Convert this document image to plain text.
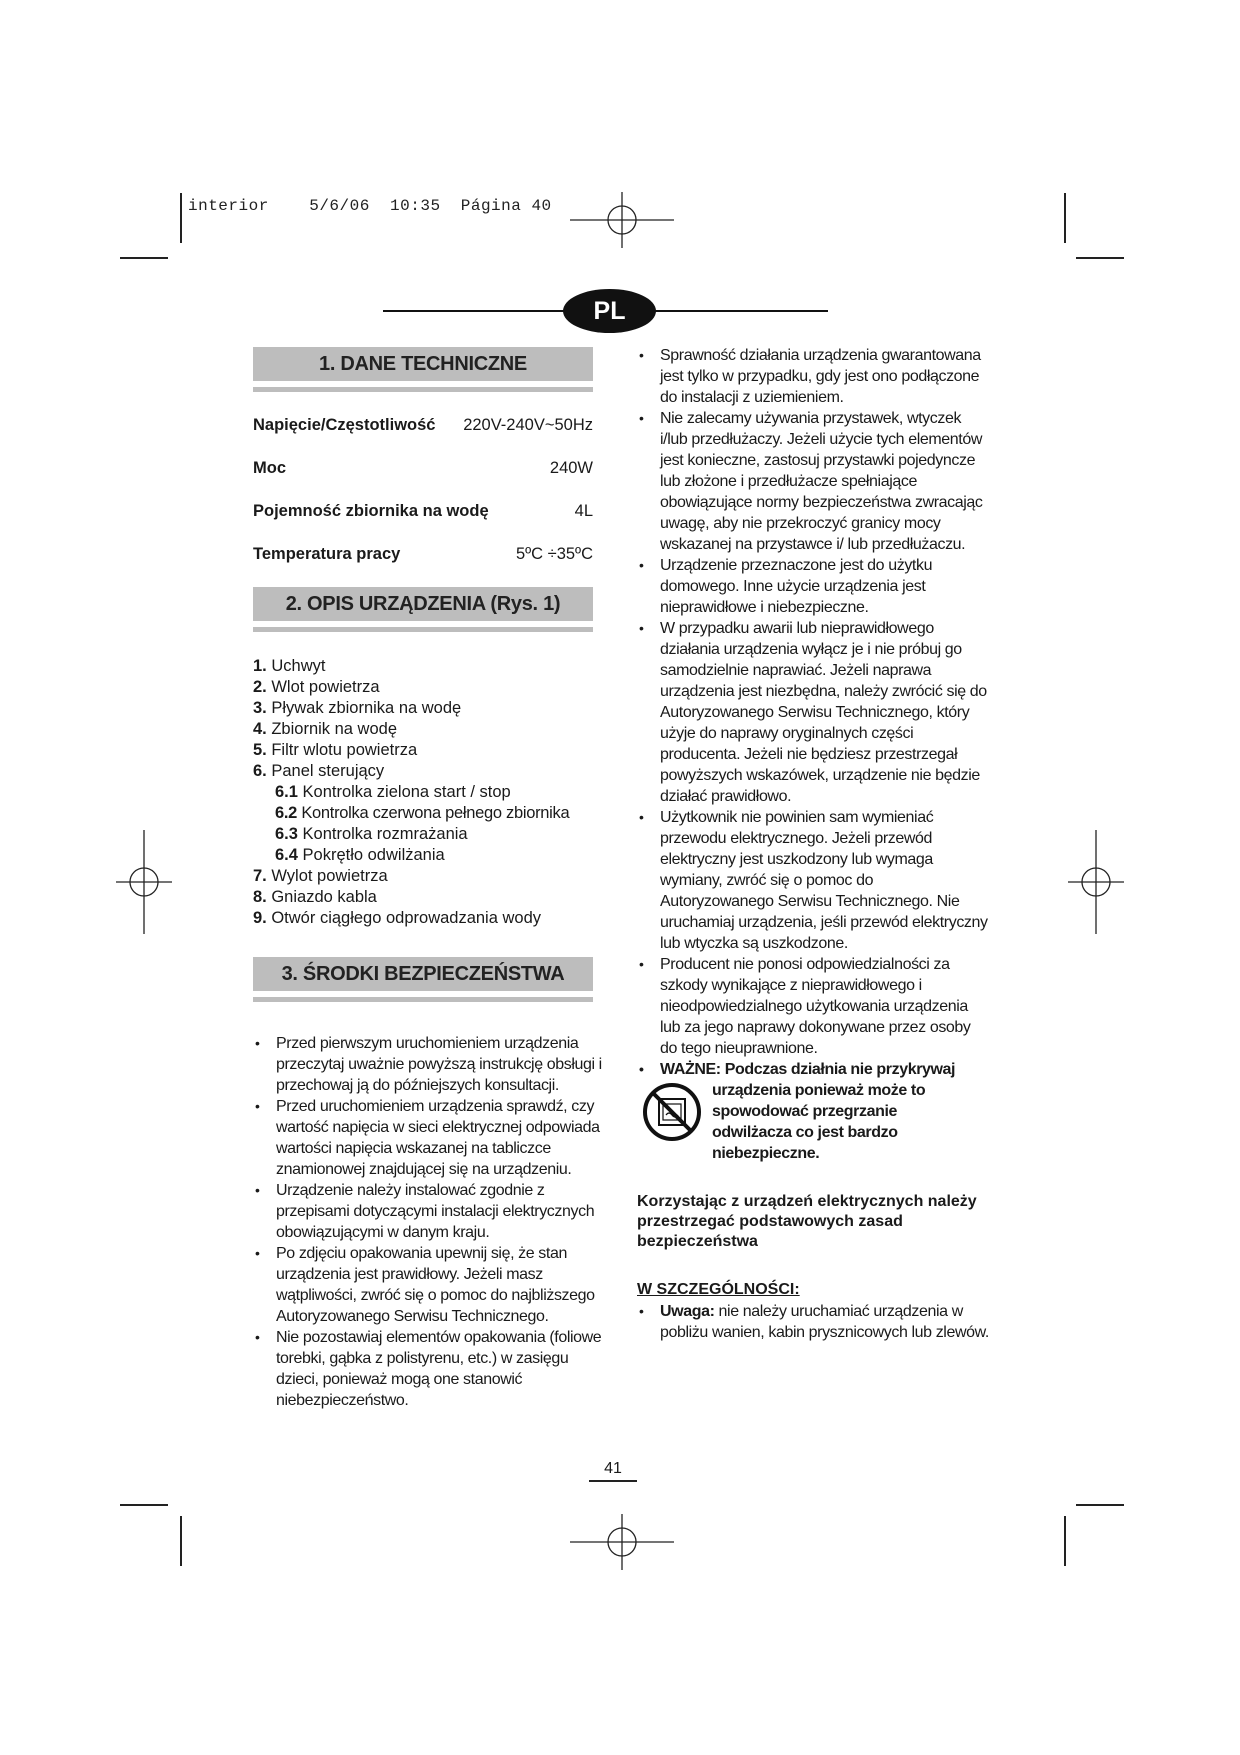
interior    5/6/06  10:35  Página 40
PL
1. DANE TECHNICZNE
Napięcie/Częstotliwość 220V-240V~50Hz
Moc	240W
Pojemność zbiornika na wodę	4L
Temperatura pracy	5ºC ÷35ºC
2. OPIS URZĄDZENIA (Rys. 1)
1. Uchwyt
2. Wlot powietrza
3. Pływak zbiornika na wodę
4. Zbiornik na wodę
5. Filtr wlotu powietrza
6. Panel sterujący
6.1 Kontrolka zielona start / stop
6.2 Kontrolka czerwona pełnego zbiornika
6.3 Kontrolka rozmrażania
6.4 Pokrętło odwilżania
7. Wylot powietrza
8. Gniazdo kabla
9. Otwór ciągłego odprowadzania wody
3. ŚRODKI BEZPIECZEŃSTWA
• Przed pierwszym uruchomieniem urządzenia przeczytaj uważnie powyższą instrukcję obsługi i przechowaj ją do późniejszych konsultacji.
• Przed uruchomieniem urządzenia sprawdź, czy wartość napięcia w sieci elektrycznej odpowiada wartości napięcia wskazanej na tabliczce znamionowej znajdującej się na urządzeniu.
• Urządzenie należy instalować zgodnie z przepisami dotyczącymi instalacji elektrycznych obowiązującymi w danym kraju.
• Po zdjęciu opakowania upewnij się, że stan urządzenia jest prawidłowy. Jeżeli masz wątpliwości, zwróć się o pomoc do najbliższego Autoryzowanego Serwisu Technicznego.
• Nie pozostawiaj elementów opakowania (foliowe torebki, gąbka z polistyrenu, etc.) w zasięgu dzieci, ponieważ mogą one stanowić niebezpieczeństwo.
• Sprawność działania urządzenia gwarantowana jest tylko w przypadku, gdy jest ono podłączone do instalacji z uziemieniem.
• Nie zalecamy używania przystawek, wtyczek i/lub przedłużaczy. Jeżeli użycie tych elementów jest konieczne, zastosuj przystawki pojedyncze lub złożone i przedłużacze spełniające obowiązujące normy bezpieczeństwa zwracając uwagę, aby nie przekroczyć granicy mocy wskazanej na przystawce i/ lub przedłużaczu.
• Urządzenie przeznaczone jest do użytku domowego. Inne użycie urządzenia jest nieprawidłowe i niebezpieczne.
• W przypadku awarii lub nieprawidłowego działania urządzenia wyłącz je i nie próbuj go samodzielnie naprawiać. Jeżeli naprawa urządzenia jest niezbędna, należy zwrócić się do Autoryzowanego Serwisu Technicznego, który użyje do naprawy oryginalnych części producenta. Jeżeli nie będziesz przestrzegał powyższych wskazówek, urządzenie nie będzie działać prawidłowo.
• Użytkownik nie powinien sam wymieniać przewodu elektrycznego. Jeżeli przewód elektryczny jest uszkodzony lub wymaga wymiany, zwróć się o pomoc do Autoryzowanego Serwisu Technicznego. Nie uruchamiaj urządzenia, jeśli przewód elektryczny lub wtyczka są uszkodzone.
• Producent nie ponosi odpowiedzialności za szkody wynikające z nieprawidłowego i nieodpowiedzialnego użytkowania urządzenia lub za jego naprawy dokonywane przez osoby do tego nieuprawnione.
• WAŻNE: Podczas działnia nie przykrywaj
urządzenia ponieważ może to spowodować przegrzanie odwilżacza co jest bardzo niebezpieczne.
Korzystając z urządzeń elektrycznych należy przestrzegać podstawowych zasad bezpieczeństwa
W SZCZEGÓLNOŚCI:
• Uwaga: nie należy uruchamiać urządzenia w pobliżu wanien, kabin prysznicowych lub zlewów.
41
